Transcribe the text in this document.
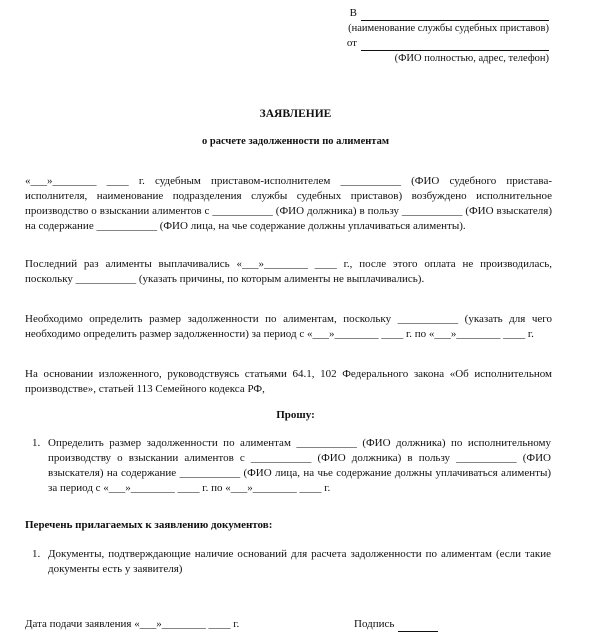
В
(наименование службы судебных приставов)
от
(ФИО полностью, адрес, телефон)
ЗАЯВЛЕНИЕ
о расчете задолженности по алиментам

«___»________ ____ г. судебным приставом-исполнителем ___________ (ФИО судебного пристава-исполнителя, наименование подразделения службы судебных приставов) возбуждено исполнительное производство о взыскании алиментов с ___________ (ФИО должника) в пользу ___________ (ФИО взыскателя) на содержание ___________ (ФИО лица, на чье содержание должны уплачиваться алименты).

Последний раз алименты выплачивались «___»________ ____ г., после этого оплата не производилась, поскольку ___________ (указать причины, по которым алименты не выплачивались).

Необходимо определить размер задолженности по алиментам, поскольку ___________ (указать для чего необходимо определить размер задолженности) за период с «___»________ ____ г. по «___»________ ____ г.

На основании изложенного, руководствуясь статьями 64.1, 102 Федерального закона «Об исполнительном производстве», статьей 113 Семейного кодекса РФ,

Прошу:
1. Определить размер задолженности по алиментам ___________ (ФИО должника) по исполнительному производству о взыскании алиментов с ___________ (ФИО должника) в пользу ___________ (ФИО взыскателя) на содержание ___________ (ФИО лица, на чье содержание должны уплачиваться алименты) за период с «___»________ ____ г. по «___»________ ____ г.
Перечень прилагаемых к заявлению документов:
1. Документы, подтверждающие наличие оснований для расчета задолженности по алиментам (если такие документы есть у заявителя)
Дата подачи заявления «___»________ ____ г.	Подпись
